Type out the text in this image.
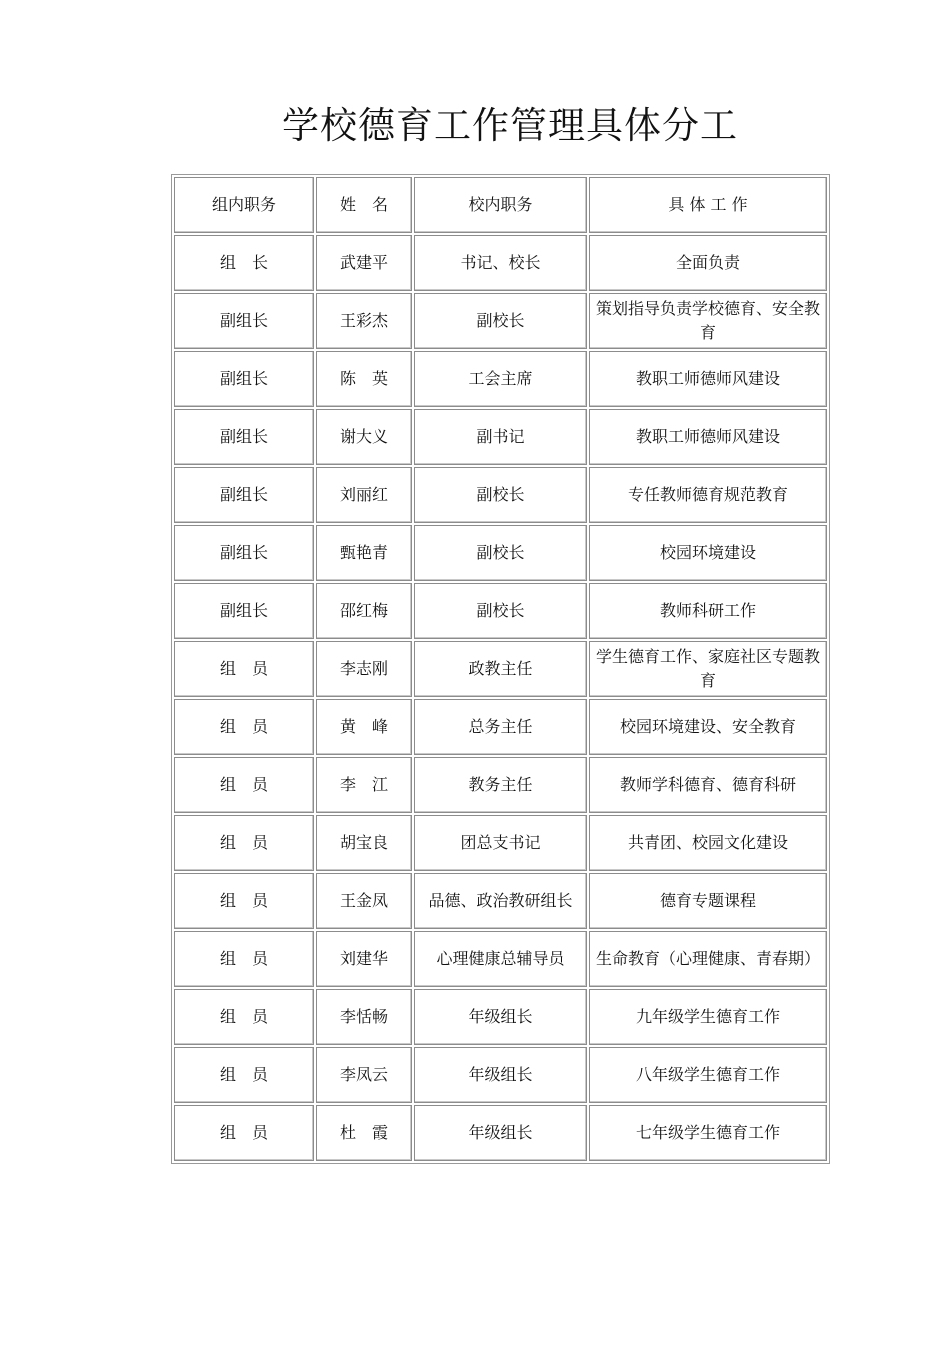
学校德育工作管理具体分工
组内职务	姓　名	校内职务	具 体 工 作
组　长	武建平	书记、校长	全面负责
副组长	王彩杰	副校长	策划指导负责学校德育、安全教育
副组长	陈　英	工会主席	教职工师德师风建设
副组长	谢大义	副书记	教职工师德师风建设
副组长	刘丽红	副校长	专任教师德育规范教育
副组长	甄艳青	副校长	校园环境建设
副组长	邵红梅	副校长	教师科研工作
组　员	李志刚	政教主任	学生德育工作、家庭社区专题教育
组　员	黄　峰	总务主任	校园环境建设、安全教育
组　员	李　江	教务主任	教师学科德育、德育科研
组　员	胡宝良	团总支书记	共青团、校园文化建设
组　员	王金凤	品德、政治教研组长	德育专题课程
组　员	刘建华	心理健康总辅导员	生命教育（心理健康、青春期）
组　员	李恬畅	年级组长	九年级学生德育工作
组　员	李凤云	年级组长	八年级学生德育工作
组　员	杜　霞	年级组长	七年级学生德育工作
